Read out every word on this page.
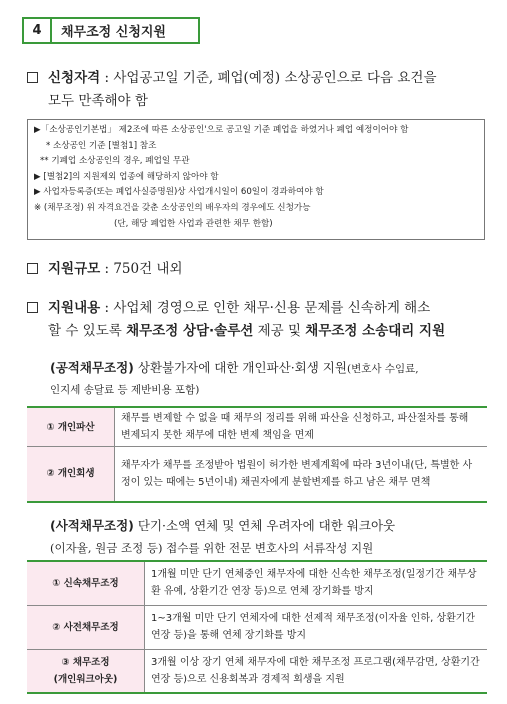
4	채무조정 신청지원
신청자격 : 사업공고일 기준, 폐업(예정) 소상공인으로 다음 요건을
모두 만족해야 함
▶「소상공인기본법」 제2조에 따른 소상공인'으로 공고일 기준 폐업을 하였거나 폐업 예정이어야 함
* 소상공인 기준 [별첨1] 참조
** 기폐업 소상공인의 경우, 폐업일 무관
▶ [별첨2]의 지원제외 업종에 해당하지 않아야 함
▶ 사업자등록증(또는 폐업사실증명원)상 사업개시일이 60일이 경과하여야 함
※ (채무조정) 위 자격요건을 갖춘 소상공인의 배우자의 경우에도 신청가능
(단, 해당 폐업한 사업과 관련한 채무 한함)
지원규모 : 750건 내외
지원내용 : 사업체 경영으로 인한 채무·신용 문제를 신속하게 해소
할 수 있도록 채무조정 상담·솔루션 제공 및 채무조정 소송대리 지원
(공적채무조정) 상환불가자에 대한 개인파산·회생 지원(변호사 수임료,
인지세 송달료 등 제반비용 포함)
① 개인파산	채무를 변제할 수 없을 때 채무의 정리를 위해 파산을 신청하고, 파산절차를 통해 변제되지 못한 채무에 대한 변제 책임을 면제
② 개인회생	채무자가 채무를 조정받아 법원이 허가한 변제계획에 따라 3년이내(단, 특별한 사정이 있는 때에는 5년이내) 채권자에게 분할변제를 하고 남은 채무 면책
(사적채무조정) 단기·소액 연체 및 연체 우려자에 대한 워크아웃
(이자율, 원금 조정 등) 접수를 위한 전문 변호사의 서류작성 지원
① 신속채무조정	1개월 미만 단기 연체중인 채무자에 대한 신속한 채무조정(일정기간 채무상환 유예, 상환기간 연장 등)으로 연체 장기화를 방지
② 사전채무조정	1~3개월 미만 단기 연체자에 대한 선제적 채무조정(이자율 인하, 상환기간 연장 등)을 통해 연체 장기화를 방지
③ 채무조정
(개인워크아웃)	3개월 이상 장기 연체 채무자에 대한 채무조정 프로그램(채무감면, 상환기간 연장 등)으로 신용회복과 경제적 회생을 지원
